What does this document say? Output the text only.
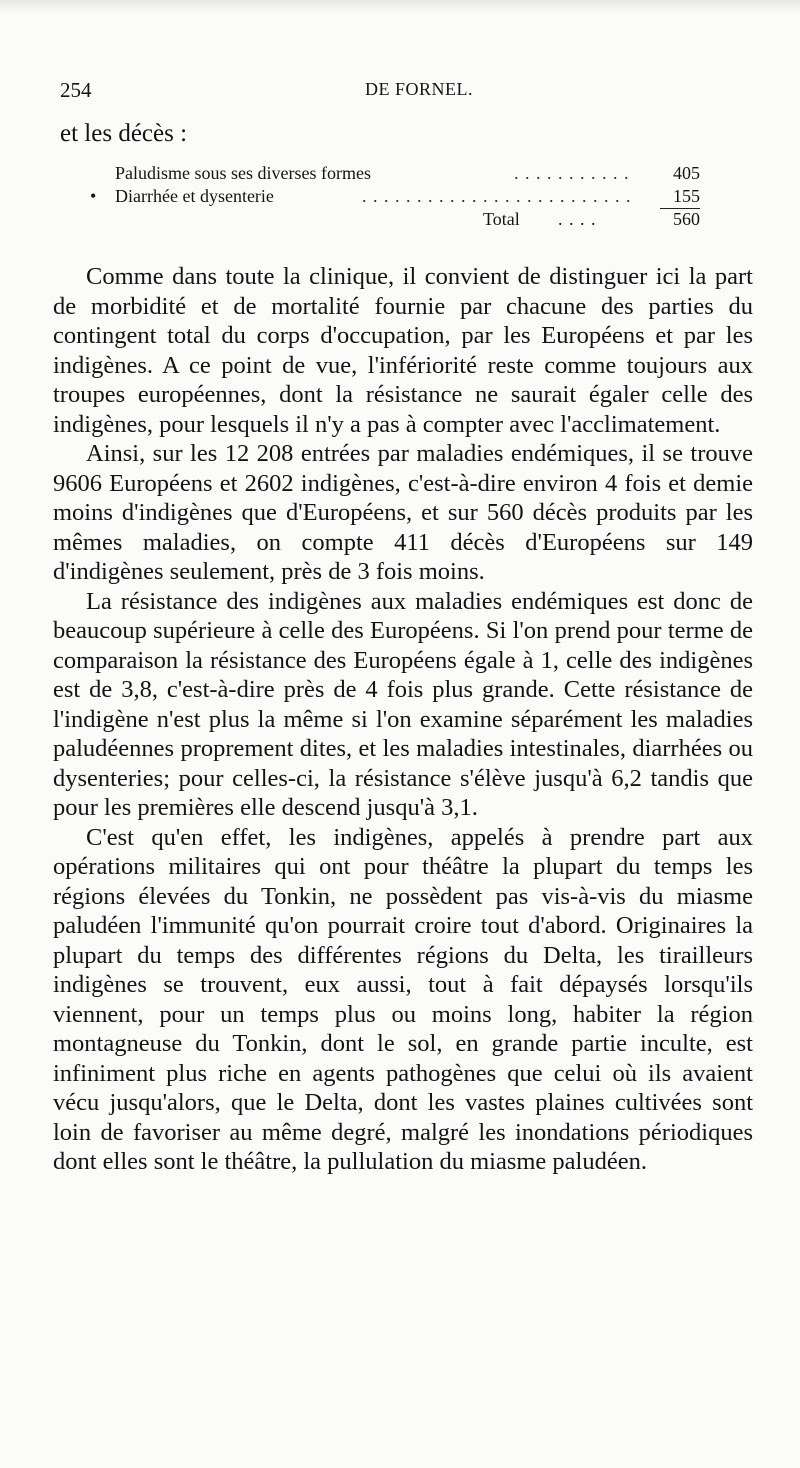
254	DE FORNEL.
et les décès :
Paludisme sous ses diverses formes	. . . . . . . . . . .	405
• Diarrhée et dysenterie	. . . . . . . . . . . . . . . . . . . . . . . . .	155
Total . . . .	560

Comme dans toute la clinique, il convient de distinguer ici la part de morbidité et de mortalité fournie par chacune des parties du contingent total du corps d'occupation, par les Européens et par les indigènes. A ce point de vue, l'infériorité reste comme toujours aux troupes européennes, dont la résistance ne saurait égaler celle des indigènes, pour lesquels il n'y a pas à compter avec l'acclimatement.

Ainsi, sur les 12 208 entrées par maladies endémiques, il se trouve 9606 Européens et 2602 indigènes, c'est-à-dire environ 4 fois et demie moins d'indigènes que d'Européens, et sur 560 décès produits par les mêmes maladies, on compte 411 décès d'Européens sur 149 d'indigènes seulement, près de 3 fois moins.

La résistance des indigènes aux maladies endémiques est donc de beaucoup supérieure à celle des Européens. Si l'on prend pour terme de comparaison la résistance des Européens égale à 1, celle des indigènes est de 3,8, c'est-à-dire près de 4 fois plus grande. Cette résistance de l'indigène n'est plus la même si l'on examine séparément les maladies paludéennes proprement dites, et les maladies intestinales, diarrhées ou dysenteries; pour celles-ci, la résistance s'élève jusqu'à 6,2 tandis que pour les premières elle descend jusqu'à 3,1.

C'est qu'en effet, les indigènes, appelés à prendre part aux opérations militaires qui ont pour théâtre la plupart du temps les régions élevées du Tonkin, ne possèdent pas vis-à-vis du miasme paludéen l'immunité qu'on pourrait croire tout d'abord. Originaires la plupart du temps des différentes régions du Delta, les tirailleurs indigènes se trouvent, eux aussi, tout à fait dépaysés lorsqu'ils viennent, pour un temps plus ou moins long, habiter la région montagneuse du Tonkin, dont le sol, en grande partie inculte, est infiniment plus riche en agents pathogènes que celui où ils avaient vécu jusqu'alors, que le Delta, dont les vastes plaines cultivées sont loin de favoriser au même degré, malgré les inondations périodiques dont elles sont le théâtre, la pullulation du miasme paludéen.
